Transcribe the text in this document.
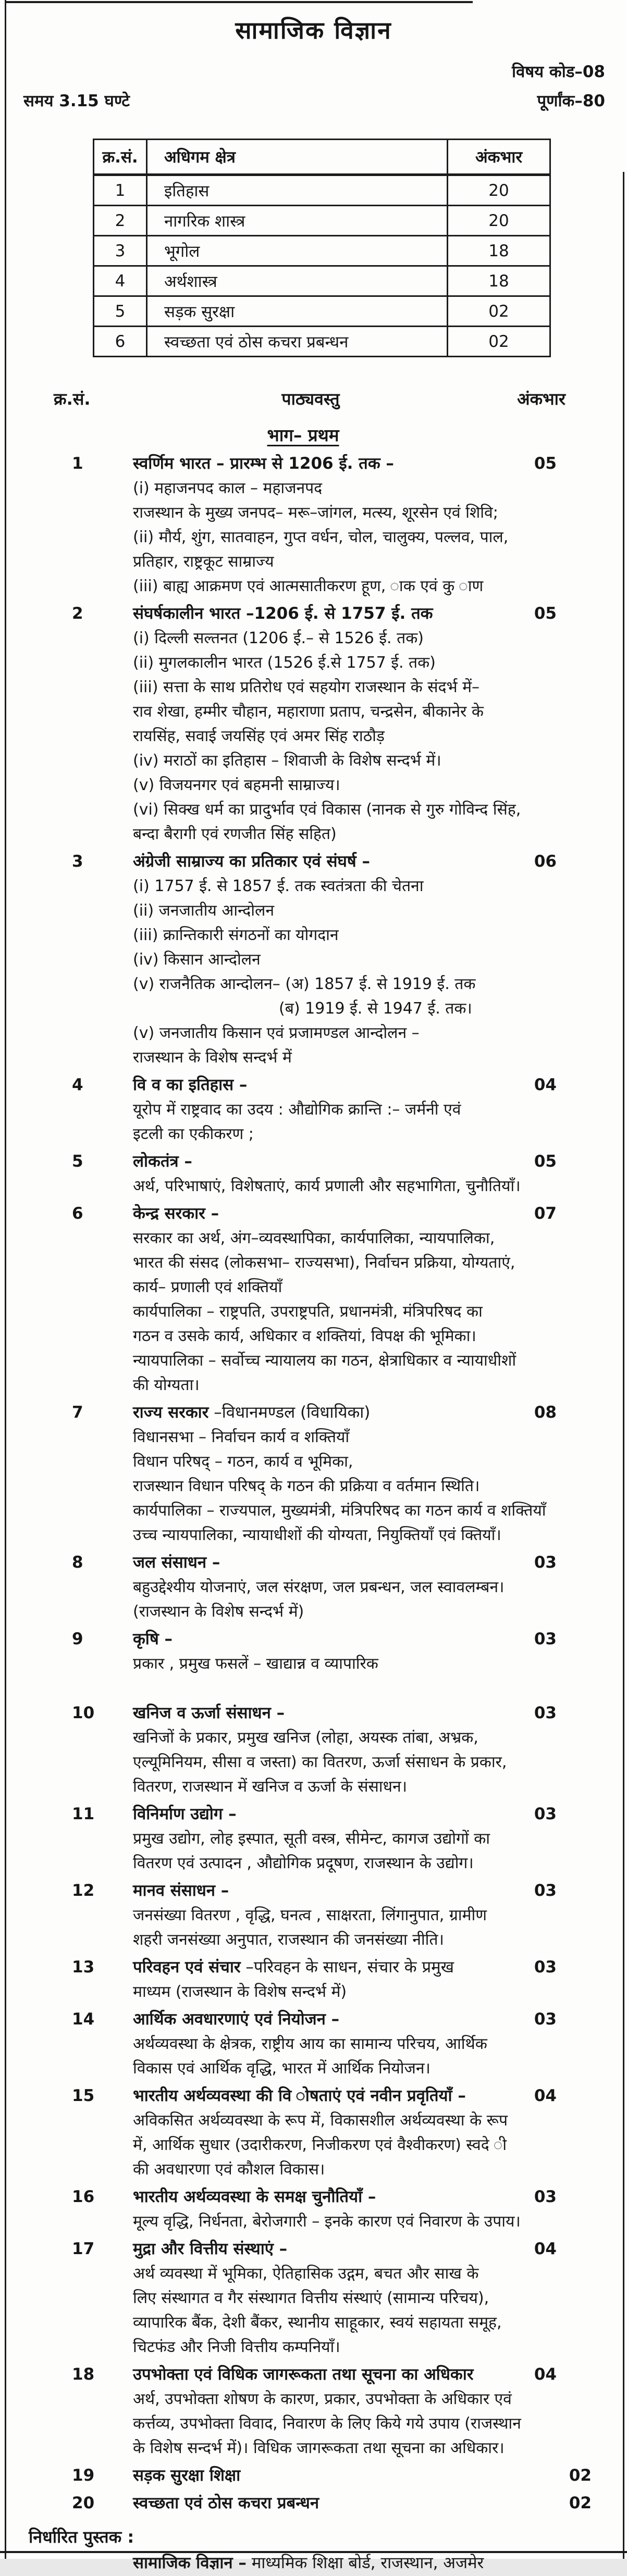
सामाजिक विज्ञान
विषय कोड–08
समय 3.15 घण्टे	पूर्णांक–80
क्र.सं.	अधिगम क्षेत्र	अंकभार
1	इतिहास	20
2	नागरिक शास्त्र	20
3	भूगोल	18
4	अर्थशास्त्र	18
5	सड़क सुरक्षा	02
6	स्वच्छता एवं ठोस कचरा प्रबन्धन	02
क्र.सं.	पाठ्यवस्तु	अंकभार
भाग– प्रथम
1	स्वर्णिम भारत – प्रारम्भ से 1206 ई. तक –	05
(i) महाजनपद काल – महाजनपद
राजस्थान के मुख्य जनपद– मरू–जांगल, मत्स्य, शूरसेन एवं शिवि;
(ii) मौर्य, शुंग, सातवाहन, गुप्त वर्धन, चोल, चालुक्य, पल्लव, पाल,
प्रतिहार, राष्ट्रकूट साम्राज्य
(iii) बाह्य आक्रमण एवं आत्मसातीकरण हूण, ाक एवं कु ाण
2	संघर्षकालीन भारत –1206 ई. से 1757 ई. तक	05
(i) दिल्ली सल्तनत (1206 ई.– से 1526 ई. तक)
(ii) मुगलकालीन भारत (1526 ई.से 1757 ई. तक)
(iii) सत्ता के साथ प्रतिरोध एवं सहयोग राजस्थान के संदर्भ में–
राव शेखा, हम्मीर चौहान, महाराणा प्रताप, चन्द्रसेन, बीकानेर के
रायसिंह, सवाई जयसिंह एवं अमर सिंह राठौड़
(iv) मराठों का इतिहास – शिवाजी के विशेष सन्दर्भ में।
(v) विजयनगर एवं बहमनी साम्राज्य।
(vi) सिक्ख धर्म का प्रादुर्भाव एवं विकास (नानक से गुरु गोविन्द सिंह,
बन्दा बैरागी एवं रणजीत सिंह सहित)
3	अंग्रेजी साम्राज्य का प्रतिकार एवं संघर्ष –	06
(i) 1757 ई. से 1857 ई. तक स्वतंत्रता की चेतना
(ii) जनजातीय आन्दोलन
(iii) क्रान्तिकारी संगठनों का योगदान
(iv) किसान आन्दोलन
(v) राजनैतिक आन्दोलन– (अ) 1857 ई. से 1919 ई. तक
(ब) 1919 ई. से 1947 ई. तक।
(v) जनजातीय किसान एवं प्रजामण्डल आन्दोलन –
राजस्थान के विशेष सन्दर्भ में
4	वि व का इतिहास –	04
यूरोप में राष्ट्रवाद का उदय : औद्योगिक क्रान्ति :– जर्मनी एवं
इटली का एकीकरण ;
5	लोकतंत्र –	05
अर्थ, परिभाषाएं, विशेषताएं, कार्य प्रणाली और सहभागिता, चुनौतियाँ।
6	केन्द्र सरकार –	07
सरकार का अर्थ, अंग–व्यवस्थापिका, कार्यपालिका, न्यायपालिका,
भारत की संसद (लोकसभा– राज्यसभा), निर्वाचन प्रक्रिया, योग्यताएं,
कार्य– प्रणाली एवं शक्तियाँ
कार्यपालिका – राष्ट्रपति, उपराष्ट्रपति, प्रधानमंत्री, मंत्रिपरिषद का
गठन व उसके कार्य, अधिकार व शक्तियां, विपक्ष की भूमिका।
न्यायपालिका – सर्वोच्च न्यायालय का गठन, क्षेत्राधिकार व न्यायाधीशों
की योग्यता।
7	राज्य सरकार –विधानमण्डल (विधायिका)	08
विधानसभा – निर्वाचन कार्य व शक्तियाँ
विधान परिषद् – गठन, कार्य व भूमिका,
राजस्थान विधान परिषद् के गठन की प्रक्रिया व वर्तमान स्थिति।
कार्यपालिका – राज्यपाल, मुख्यमंत्री, मंत्रिपरिषद का गठन कार्य व शक्तियाँ
उच्च न्यायपालिका, न्यायाधीशों की योग्यता, नियुक्तियाँ एवं क्तियाँ।
8	जल संसाधन –	03
बहुउद्देश्यीय योजनाएं, जल संरक्षण, जल प्रबन्धन, जल स्वावलम्बन।
(राजस्थान के विशेष सन्दर्भ में)
9	कृषि –	03
प्रकार , प्रमुख फसलें – खाद्यान्न व व्यापारिक
10 खनिज व ऊर्जा संसाधन –	03
खनिजों के प्रकार, प्रमुख खनिज (लोहा, अयस्क तांबा, अभ्रक,
एल्यूमिनियम, सीसा व जस्ता) का वितरण, ऊर्जा संसाधन के प्रकार,
वितरण, राजस्थान में खनिज व ऊर्जा के संसाधन।
11 विनिर्माण उद्योग –	03
प्रमुख उद्योग, लोह इस्पात, सूती वस्त्र, सीमेन्ट, कागज उद्योगों का
वितरण एवं उत्पादन , औद्योगिक प्रदूषण, राजस्थान के उद्योग।
12 मानव संसाधन –	03
जनसंख्या वितरण , वृद्धि, घनत्व , साक्षरता, लिंगानुपात, ग्रामीण
शहरी जनसंख्या अनुपात, राजस्थान की जनसंख्या नीति।
13 परिवहन एवं संचार –परिवहन के साधन, संचार के प्रमुख	03
माध्यम (राजस्थान के विशेष सन्दर्भ में)
14 आर्थिक अवधारणाएं एवं नियोजन –	03
अर्थव्यवस्था के क्षेत्रक, राष्ट्रीय आय का सामान्य परिचय, आर्थिक
विकास एवं आर्थिक वृद्धि, भारत में आर्थिक नियोजन।
15 भारतीय अर्थव्यवस्था की वि ोषताएं एवं नवीन प्रवृतियाँ –	04
अविकसित अर्थव्यवस्था के रूप में, विकासशील अर्थव्यवस्था के रूप
में, आर्थिक सुधार (उदारीकरण, निजीकरण एवं वैश्वीकरण) स्वदे ी
की अवधारणा एवं कौशल विकास।
16 भारतीय अर्थव्यवस्था के समक्ष चुनौतियाँ –	03
मूल्य वृद्धि, निर्धनता, बेरोजगारी – इनके कारण एवं निवारण के उपाय।
17 मुद्रा और वित्तीय संस्थाएं –	04
अर्थ व्यवस्था में भूमिका, ऐतिहासिक उद्गम, बचत और साख के
लिए संस्थागत व गैर संस्थागत वित्तीय संस्थाएं (सामान्य परिचय),
व्यापारिक बैंक, देशी बैंकर, स्थानीय साहूकार, स्वयं सहायता समूह,
चिटफंड और निजी वित्तीय कम्पनियाँ।
18 उपभोक्ता एवं विधिक जागरूकता तथा सूचना का अधिकार	04
अर्थ, उपभोक्ता शोषण के कारण, प्रकार, उपभोक्ता के अधिकार एवं
कर्त्तव्य, उपभोक्ता विवाद, निवारण के लिए किये गये उपाय (राजस्थान
के विशेष सन्दर्भ में)। विधिक जागरूकता तथा सूचना का अधिकार।
19 सड़क सुरक्षा शिक्षा	02
20 स्वच्छता एवं ठोस कचरा प्रबन्धन	02
निर्धारित पुस्तक :
सामाजिक विज्ञान – माध्यमिक शिक्षा बोर्ड, राजस्थान, अजमेर
